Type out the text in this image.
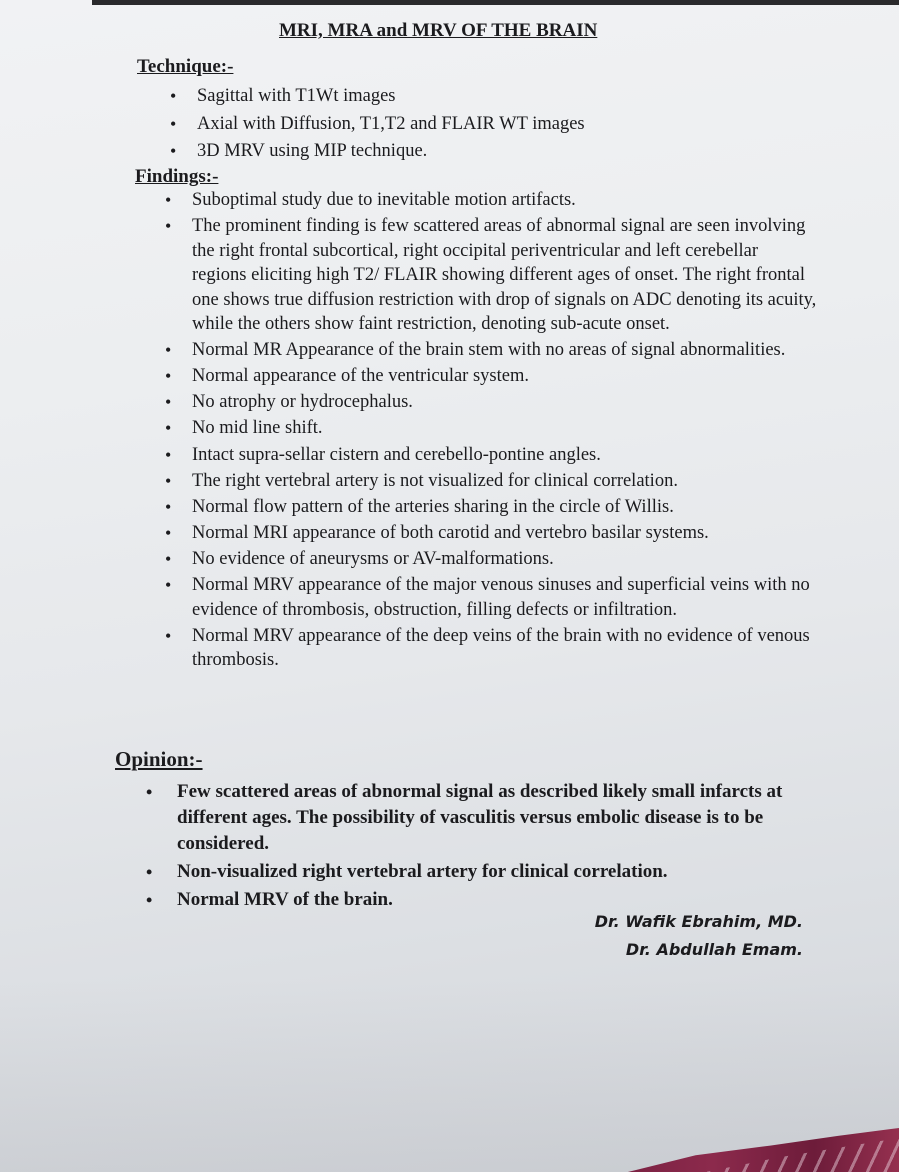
MRI, MRA and MRV OF THE BRAIN
Technique:-
• Sagittal with T1Wt images
• Axial with Diffusion, T1,T2 and FLAIR WT images
• 3D MRV using MIP technique.
Findings:-
• Suboptimal study due to inevitable motion artifacts.
• The prominent finding is few scattered areas of abnormal signal are seen involving the right frontal subcortical, right occipital periventricular and left cerebellar regions eliciting high T2/ FLAIR showing different ages of onset. The right frontal one shows true diffusion restriction with drop of signals on ADC denoting its acuity, while the others show faint restriction, denoting sub-acute onset.
• Normal MR Appearance of the brain stem with no areas of signal abnormalities.
• Normal appearance of the ventricular system.
• No atrophy or hydrocephalus.
• No mid line shift.
• Intact supra-sellar cistern and cerebello-pontine angles.
• The right vertebral artery is not visualized for clinical correlation.
• Normal flow pattern of the arteries sharing in the circle of Willis.
• Normal MRI appearance of both carotid and vertebro basilar systems.
• No evidence of aneurysms or AV-malformations.
• Normal MRV appearance of the major venous sinuses and superficial veins with no evidence of thrombosis, obstruction, filling defects or infiltration.
• Normal MRV appearance of the deep veins of the brain with no evidence of venous thrombosis.
Opinion:-
• Few scattered areas of abnormal signal as described likely small infarcts at different ages. The possibility of vasculitis versus embolic disease is to be considered.
• Non-visualized right vertebral artery for clinical correlation.
• Normal MRV of the brain.

Dr. Wafik Ebrahim, MD.

Dr. Abdullah Emam.
